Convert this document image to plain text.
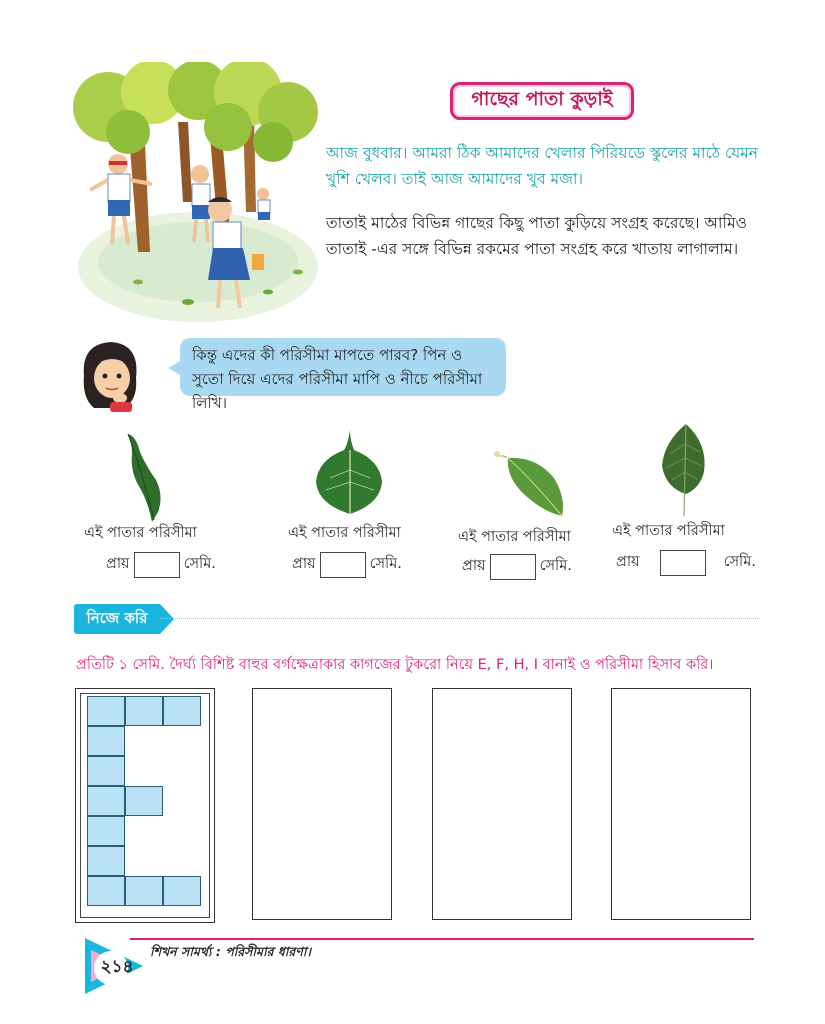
গাছের পাতা কুড়াই

আজ বুধবার। আমরা ঠিক আমাদের খেলার পিরিয়ডে স্কুলের মাঠে যেমন খুশি খেলব। তাই আজ আমাদের খুব মজা।

তাতাই মাঠের বিভিন্ন গাছের কিছু পাতা কুড়িয়ে সংগ্রহ করেছে। আমিও তাতাই -এর সঙ্গে বিভিন্ন রকমের পাতা সংগ্রহ করে খাতায় লাগালাম।

কিন্তু এদের কী পরিসীমা মাপতে পারব? পিন ও সুতো দিয়ে এদের পরিসীমা মাপি ও নীচে পরিসীমা লিখি।
এই পাতার পরিসীমা
প্রায়	সেমি.
এই পাতার পরিসীমা
প্রায়	সেমি.
এই পাতার পরিসীমা
প্রায়	সেমি.
এই পাতার পরিসীমা
প্রায়	সেমি.
নিজে করি
প্রতিটি ১ সেমি. দৈর্ঘ্য বিশিষ্ট বাহুর বর্গক্ষেত্রাকার কাগজের টুকরো নিয়ে E, F, H, I বানাই ও পরিসীমা হিসাব করি।
২১৪
শিখন সামর্থ্য : পরিসীমার ধারণা।
